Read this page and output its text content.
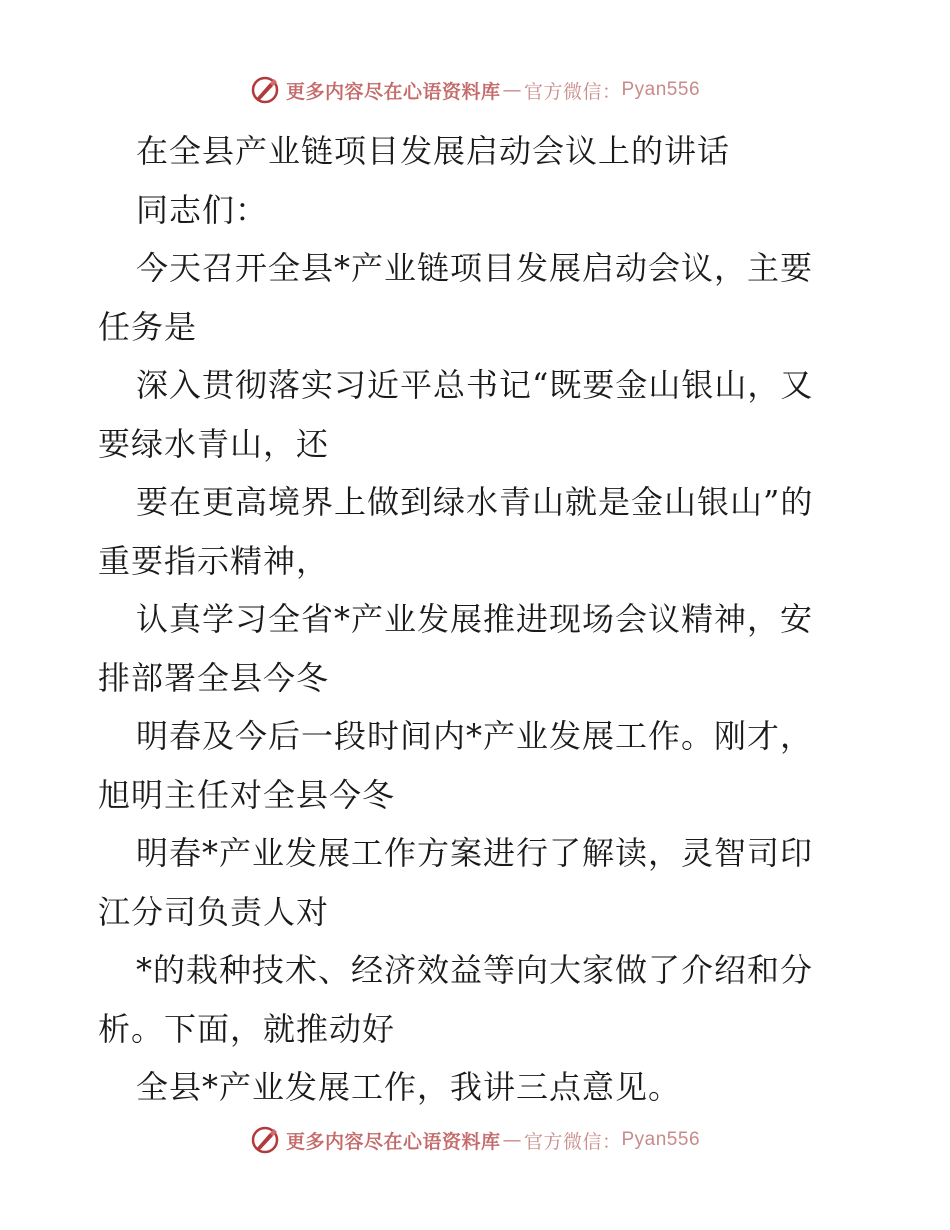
更多内容尽在心语资料库 — 官方微信： Pyan556
在全县产业链项目发展启动会议上的讲话
同志们：
今天召开全县*产业链项目发展启动会议，主要
任务是
深入贯彻落实习近平总书记“既要金山银山，又
要绿水青山，还
要在更高境界上做到绿水青山就是金山银山”的
重要指示精神，
认真学习全省*产业发展推进现场会议精神，安
排部署全县今冬
明春及今后一段时间内*产业发展工作。刚才，
旭明主任对全县今冬
明春*产业发展工作方案进行了解读，灵智司印
江分司负责人对
*的栽种技术、经济效益等向大家做了介绍和分
析。下面，就推动好
全县*产业发展工作，我讲三点意见。
更多内容尽在心语资料库 — 官方微信： Pyan556
